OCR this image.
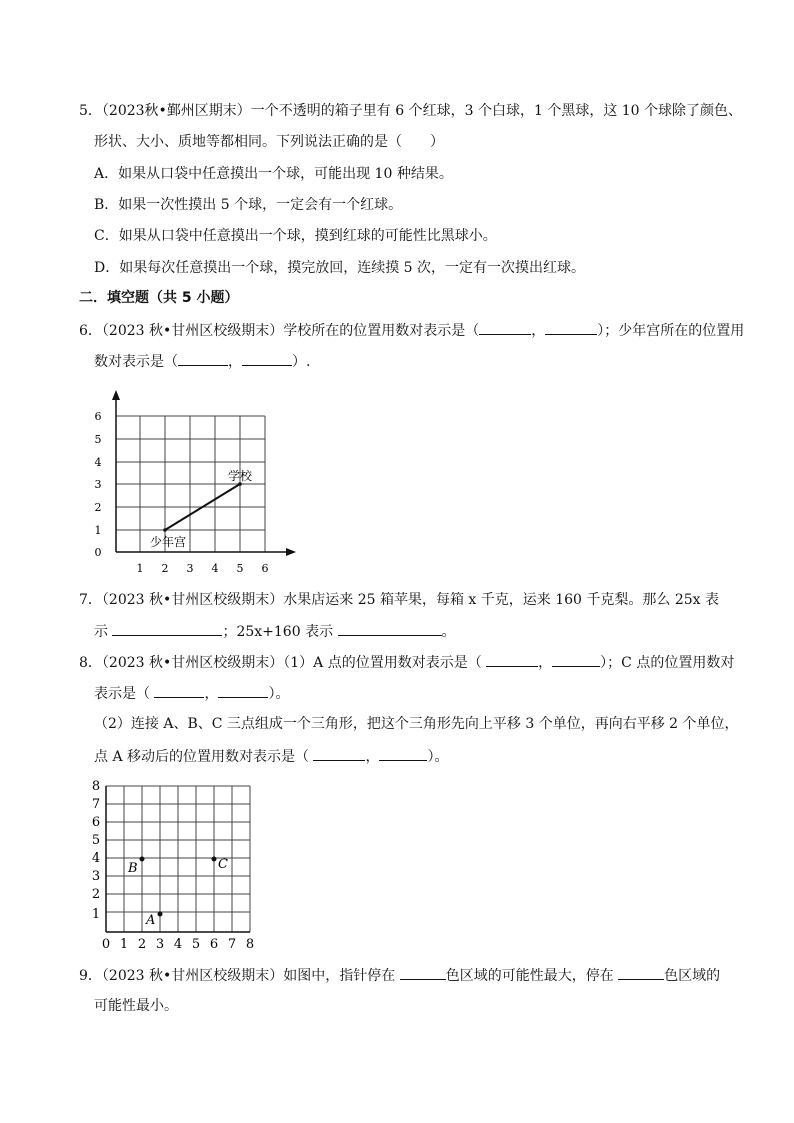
5．（2023秋•鄞州区期末）一个不透明的箱子里有 6 个红球，3 个白球，1 个黑球，这 10 个球除了颜色、
形状、大小、质地等都相同。下列说法正确的是（　　）
A．如果从口袋中任意摸出一个球，可能出现 10 种结果。
B．如果一次性摸出 5 个球，一定会有一个红球。
C．如果从口袋中任意摸出一个球，摸到红球的可能性比黑球小。
D．如果每次任意摸出一个球，摸完放回，连续摸 5 次，一定有一次摸出红球。
二．填空题（共 5 小题）
6．（2023 秋•甘州区校级期末）学校所在的位置用数对表示是（	，	）；少年宫所在的位置用
数对表示是（	，	）.
1 2 3 4 5 6
0
1
2
3
4
5
6
学校
少年宫
7．（2023 秋•甘州区校级期末）水果店运来 25 箱苹果，每箱 x 千克，运来 160 千克梨。那么 25x 表
示	；25x+160 表示	。
8．（2023 秋•甘州区校级期末）（1）A 点的位置用数对表示是（	，	）；C 点的位置用数对
表示是（	，	）。
（2）连接 A、B、C 三点组成一个三角形，把这个三角形先向上平移 3 个单位，再向右平移 2 个单位，
点 A 移动后的位置用数对表示是（	，	）。
0 1 2 3 4 5 6 7 8
1
2
3
4
5
6
7
8
A
B	C
9．（2023 秋•甘州区校级期末）如图中，指针停在	色区域的可能性最大，停在	色区域的
可能性最小。
